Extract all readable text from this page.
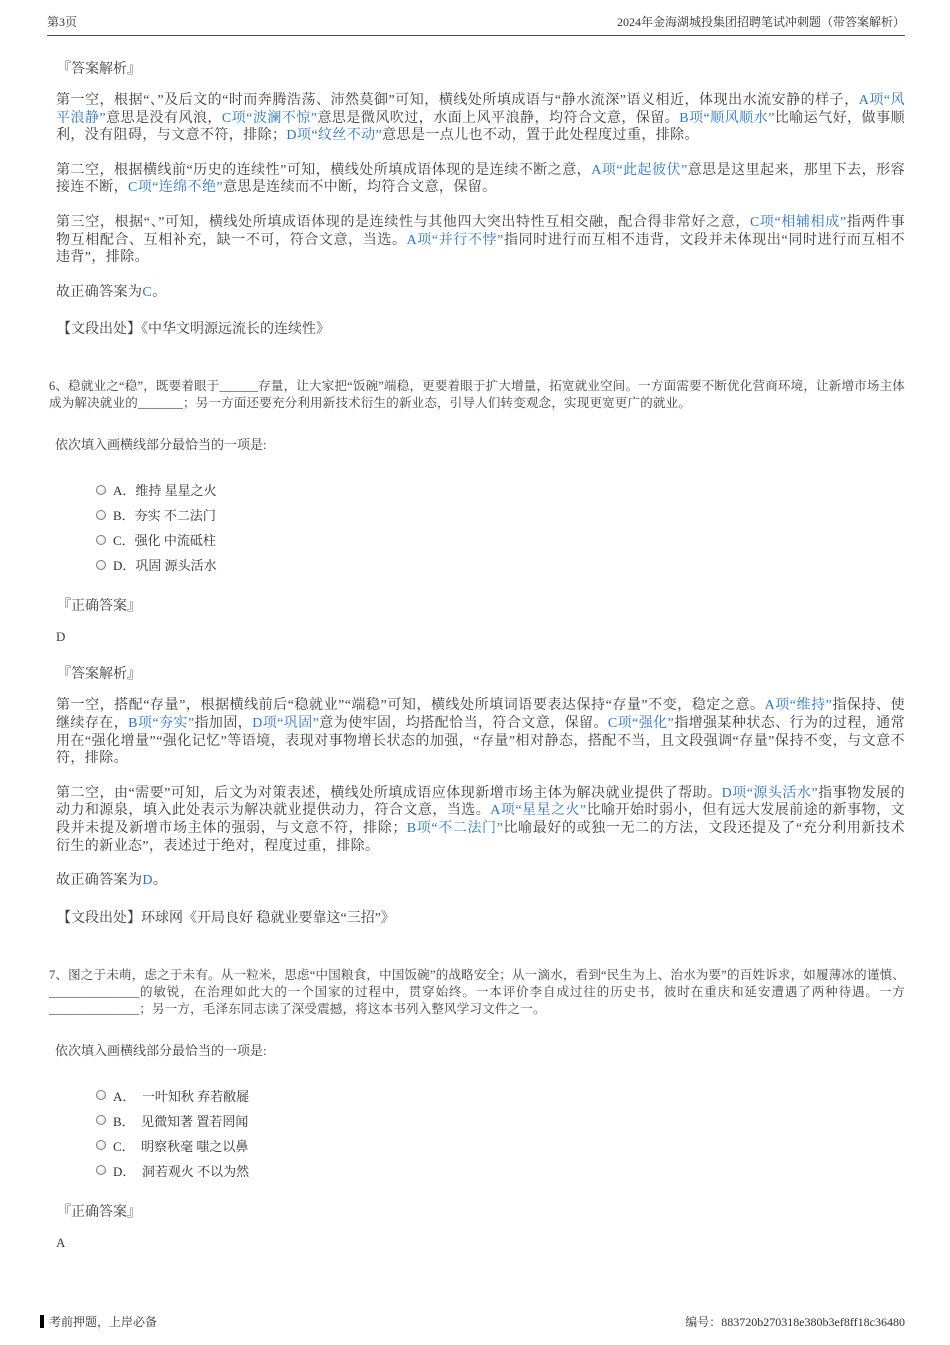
第3页	2024年金海湖城投集团招聘笔试冲刺题（带答案解析）
『答案解析』
第一空，根据“、”及后文的“时而奔腾浩荡、沛然莫御”可知，横线处所填成语与“静水流深”语义相近，体现出水流安静的样子，A项“风平浪静”意思是没有风浪，C项“波澜不惊”意思是微风吹过，水面上风平浪静，均符合文意，保留。B项“顺风顺水”比喻运气好，做事顺利，没有阻碍，与文意不符，排除；D项“纹丝不动”意思是一点儿也不动，置于此处程度过重，排除。
第二空，根据横线前“历史的连续性”可知，横线处所填成语体现的是连续不断之意，A项“此起彼伏”意思是这里起来，那里下去，形容接连不断，C项“连绵不绝”意思是连续而不中断，均符合文意，保留。
第三空，根据“、”可知，横线处所填成语体现的是连续性与其他四大突出特性互相交融，配合得非常好之意，C项“相辅相成”指两件事物互相配合、互相补充，缺一不可，符合文意，当选。A项“并行不悖”指同时进行而互相不违背，文段并未体现出“同时进行而互相不违背”，排除。
故正确答案为C。
【文段出处】《中华文明源远流长的连续性》
6、稳就业之“稳”，既要着眼于______存量，让大家把“饭碗”端稳，更要着眼于扩大增量，拓宽就业空间。一方面需要不断优化营商环境，让新增市场主体成为解决就业的_______；另一方面还要充分利用新技术衍生的新业态，引导人们转变观念，实现更宽更广的就业。
依次填入画横线部分最恰当的一项是:
A．维持 星星之火
B．夯实 不二法门
C．强化 中流砥柱
D．巩固 源头活水
『正确答案』
D
『答案解析』
第一空，搭配“存量”，根据横线前后“稳就业”“端稳”可知，横线处所填词语要表达保持“存量”不变，稳定之意。A项“维持”指保持、使继续存在，B项“夯实”指加固，D项“巩固”意为使牢固，均搭配恰当，符合文意，保留。C项“强化”指增强某种状态、行为的过程，通常用在“强化增量”“强化记忆”等语境，表现对事物增长状态的加强，“存量”相对静态，搭配不当，且文段强调“存量”保持不变，与文意不符，排除。
第二空，由“需要”可知，后文为对策表述，横线处所填成语应体现新增市场主体为解决就业提供了帮助。D项“源头活水”指事物发展的动力和源泉，填入此处表示为解决就业提供动力，符合文意，当选。A项“星星之火”比喻开始时弱小，但有远大发展前途的新事物，文段并未提及新增市场主体的强弱，与文意不符，排除；B项“不二法门”比喻最好的或独一无二的方法，文段还提及了“充分利用新技术衍生的新业态”，表述过于绝对，程度过重，排除。
故正确答案为D。
【文段出处】环球网《开局良好 稳就业要靠这“三招”》
7、图之于未萌，虑之于未有。从一粒米，思虑“中国粮食，中国饭碗”的战略安全；从一滴水，看到“民生为上、治水为要”的百姓诉求，如履薄冰的谨慎、______________的敏锐，在治理如此大的一个国家的过程中，贯穿始终。一本评价李自成过往的历史书，彼时在重庆和延安遭遇了两种待遇。一方______________；另一方，毛泽东同志读了深受震撼，将这本书列入整风学习文件之一。
依次填入画横线部分最恰当的一项是:
A．  一叶知秋 弃若敝屣
B．  见微知著 置若罔闻
C．  明察秋毫 嗤之以鼻
D．  洞若观火 不以为然
『正确答案』
A
考前押题，上岸必备	编号：883720b270318e380b3ef8ff18c36480
